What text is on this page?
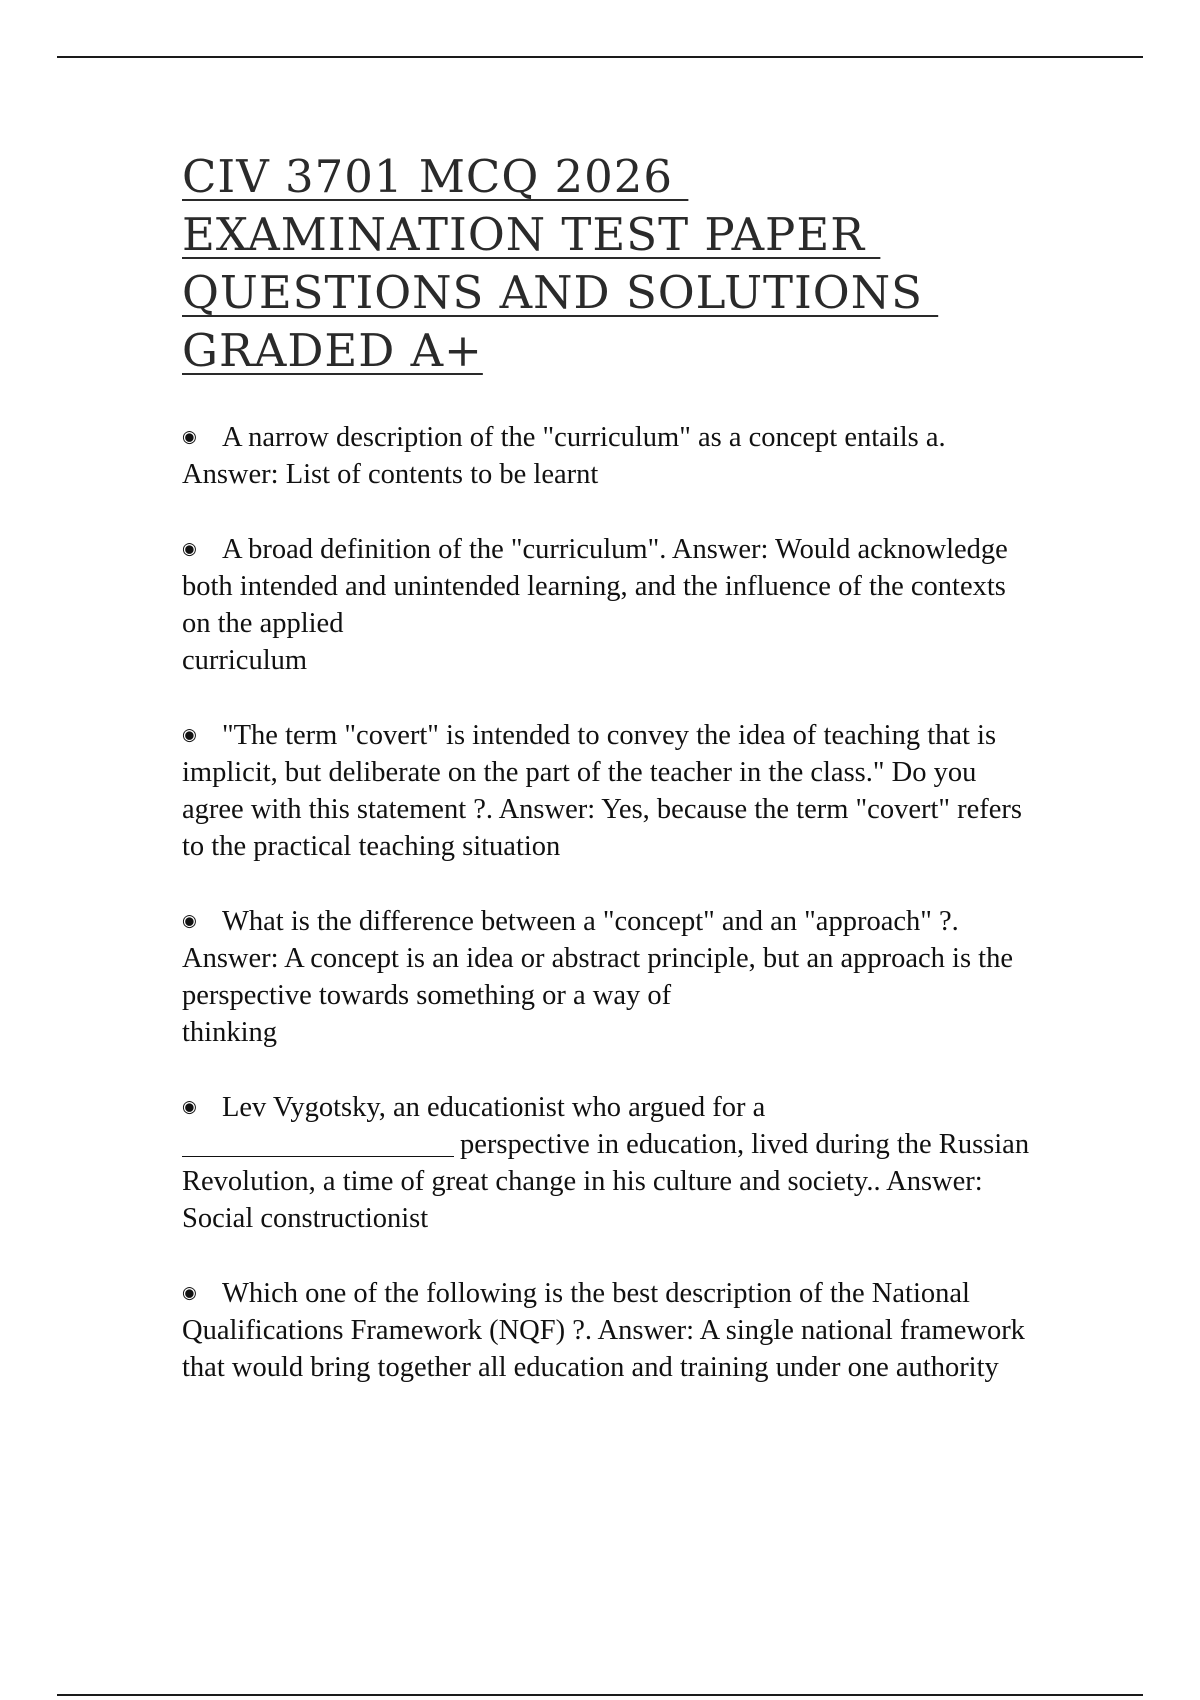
CIV 3701 MCQ 2026
EXAMINATION TEST PAPER
QUESTIONS AND SOLUTIONS
GRADED A+
◉ A narrow description of the "curriculum" as a concept entails a. Answer: List of contents to be learnt
◉ A broad definition of the "curriculum". Answer: Would acknowledge both intended and unintended learning, and the influence of the contexts on the applied
curriculum
◉ "The term "covert" is intended to convey the idea of teaching that is implicit, but deliberate on the part of the teacher in the class." Do you agree with this statement ?. Answer: Yes, because the term "covert" refers to the practical teaching situation
◉ What is the difference between a "concept" and an "approach" ?. Answer: A concept is an idea or abstract principle, but an approach is the perspective towards something or a way of
thinking
◉ Lev Vygotsky, an educationist who argued for a perspective in education, lived during the Russian Revolution, a time of great change in his culture and society.. Answer: Social constructionist
◉ Which one of the following is the best description of the National Qualifications Framework (NQF) ?. Answer: A single national framework that would bring together all education and training under one authority
